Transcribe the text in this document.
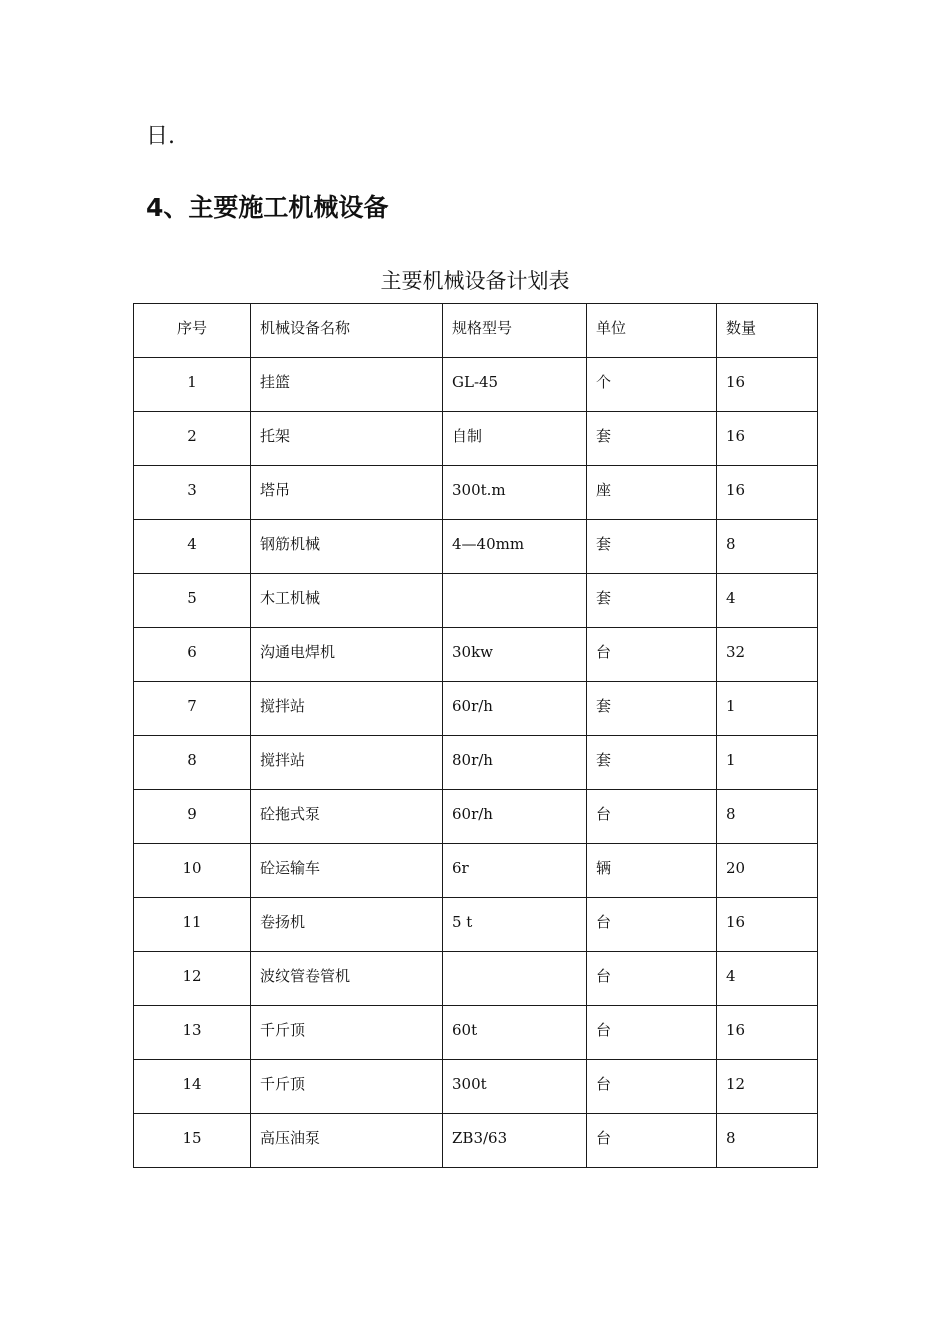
日.
4、主要施工机械设备
主要机械设备计划表
序号	机械设备名称	规格型号	单位	数量
1	挂篮	GL-45	个	16
2	托架	自制	套	16
3	塔吊	300t.m	座	16
4	钢筋机械	4—40mm	套	8
5	木工机械		套	4
6	沟通电焊机	30kw	台	32
7	搅拌站	60r/h	套	1
8	搅拌站	80r/h	套	1
9	砼拖式泵	60r/h	台	8
10	砼运输车	6r	辆	20
11	卷扬机	5 t	台	16
12	波纹管卷管机		台	4
13	千斤顶	60t	台	16
14	千斤顶	300t	台	12
15	高压油泵	ZB3/63	台	8
